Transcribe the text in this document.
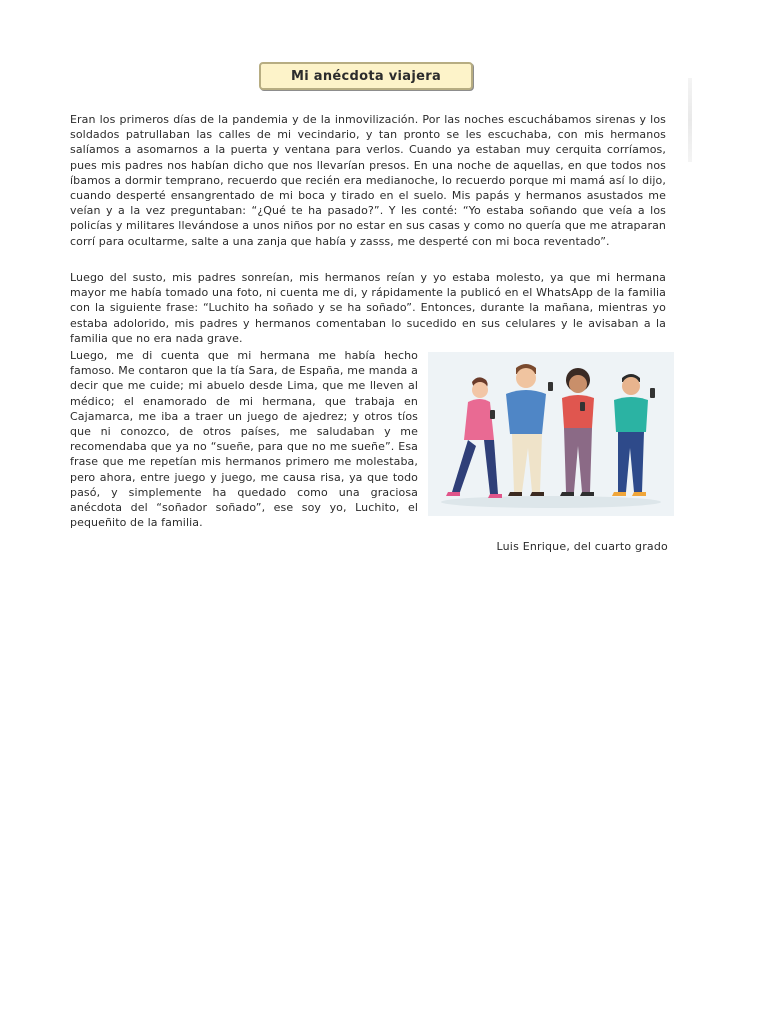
Mi anécdota viajera

Eran los primeros días de la pandemia y de la inmovilización. Por las noches escuchábamos sirenas y los soldados patrullaban las calles de mi vecindario, y tan pronto se les escuchaba, con mis hermanos salíamos a asomarnos a la puerta y ventana para verlos. Cuando ya estaban muy cerquita corríamos, pues mis padres nos habían dicho que nos llevarían presos. En una noche de aquellas, en que todos nos íbamos a dormir temprano, recuerdo que recién era medianoche, lo recuerdo porque mi mamá así lo dijo, cuando desperté ensangrentado de mi boca y tirado en el suelo. Mis papás y hermanos asustados me veían y a la vez preguntaban: “¿Qué te ha pasado?”. Y les conté: “Yo estaba soñando que veía a los policías y militares llevándose a unos niños por no estar en sus casas y como no quería que me atraparan corrí para ocultarme, salte a una zanja que había y zasss, me desperté con mi boca reventado”.

Luego del susto, mis padres sonreían, mis hermanos reían y yo estaba molesto, ya que mi hermana mayor me había tomado una foto, ni cuenta me di, y rápidamente la publicó en el WhatsApp de la familia con la siguiente frase: “Luchito ha soñado y se ha soñado”. Entonces, durante la mañana, mientras yo estaba adolorido, mis padres y hermanos comentaban lo sucedido en sus celulares y le avisaban a la familia que no era nada grave.

Luego, me di cuenta que mi hermana me había hecho famoso. Me contaron que la tía Sara, de España, me manda a decir que me cuide; mi abuelo desde Lima, que me lleven al médico; el enamorado de mi hermana, que trabaja en Cajamarca, me iba a traer un juego de ajedrez; y otros tíos que ni conozco, de otros países, me saludaban y me recomendaba que ya no “sueñe, para que no me sueñe”. Esa frase que me repetían mis hermanos primero me molestaba, pero ahora, entre juego y juego, me causa risa, ya que todo pasó, y simplemente ha quedado como una graciosa anécdota del “soñador soñado”, ese soy yo, Luchito, el pequeñito de la familia.

Luis Enrique, del cuarto grado
